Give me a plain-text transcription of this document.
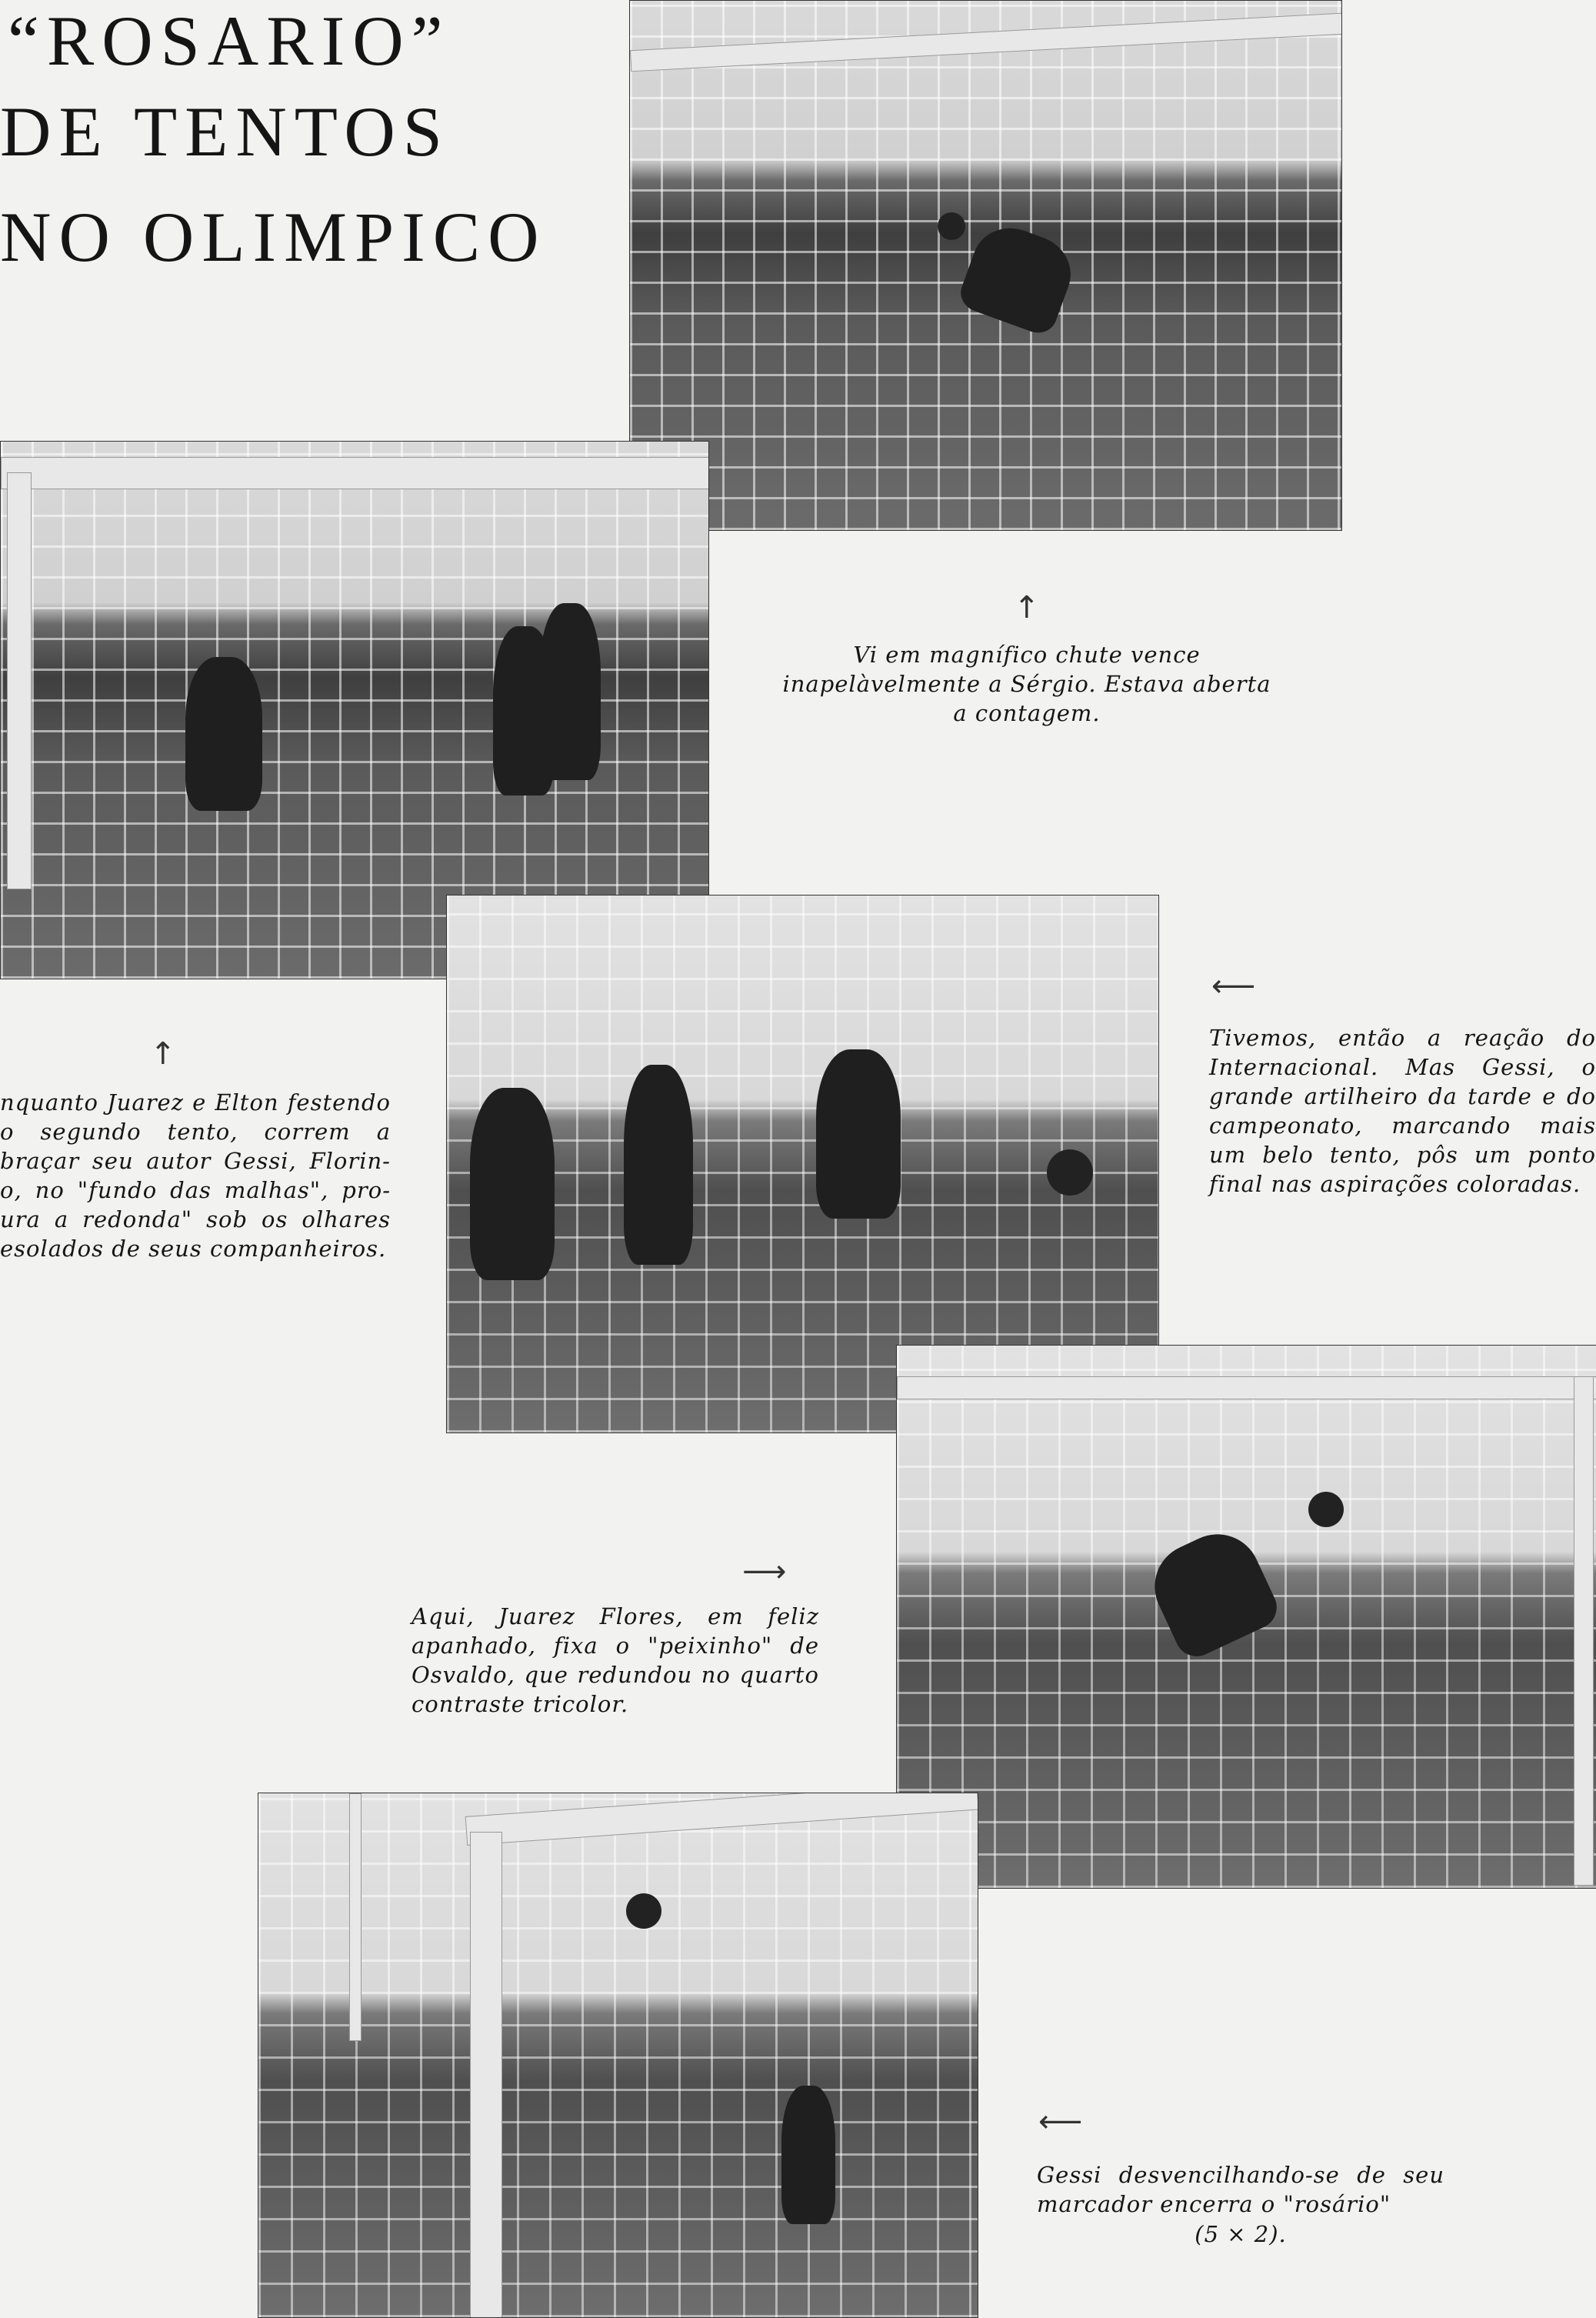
“ROSARIO”
DE TENTOS
NO OLIMPICO
↑
Vi em magnífico chute vence inapelàvelmente a Sérgio. Estava aberta a contagem.
↑
nquanto Juarez e Elton festendo o segundo tento, correm a braçar seu autor Gessi, Florin-o, no "fundo das malhas", pro-ura a redonda" sob os olhares esolados de seus companheiros.
⟵
Tivemos, então a reação do Internacional. Mas Gessi, o grande artilheiro da tarde e do campeonato, marcando mais um belo tento, pôs um ponto final nas aspirações coloradas.
⟶
Aqui, Juarez Flores, em feliz apanhado, fixa o "peixinho" de Osvaldo, que redundou no quarto contraste tricolor.
⟵
Gessi desvencilhando-se de seu marcador encerra o "rosário"
(5 × 2).
